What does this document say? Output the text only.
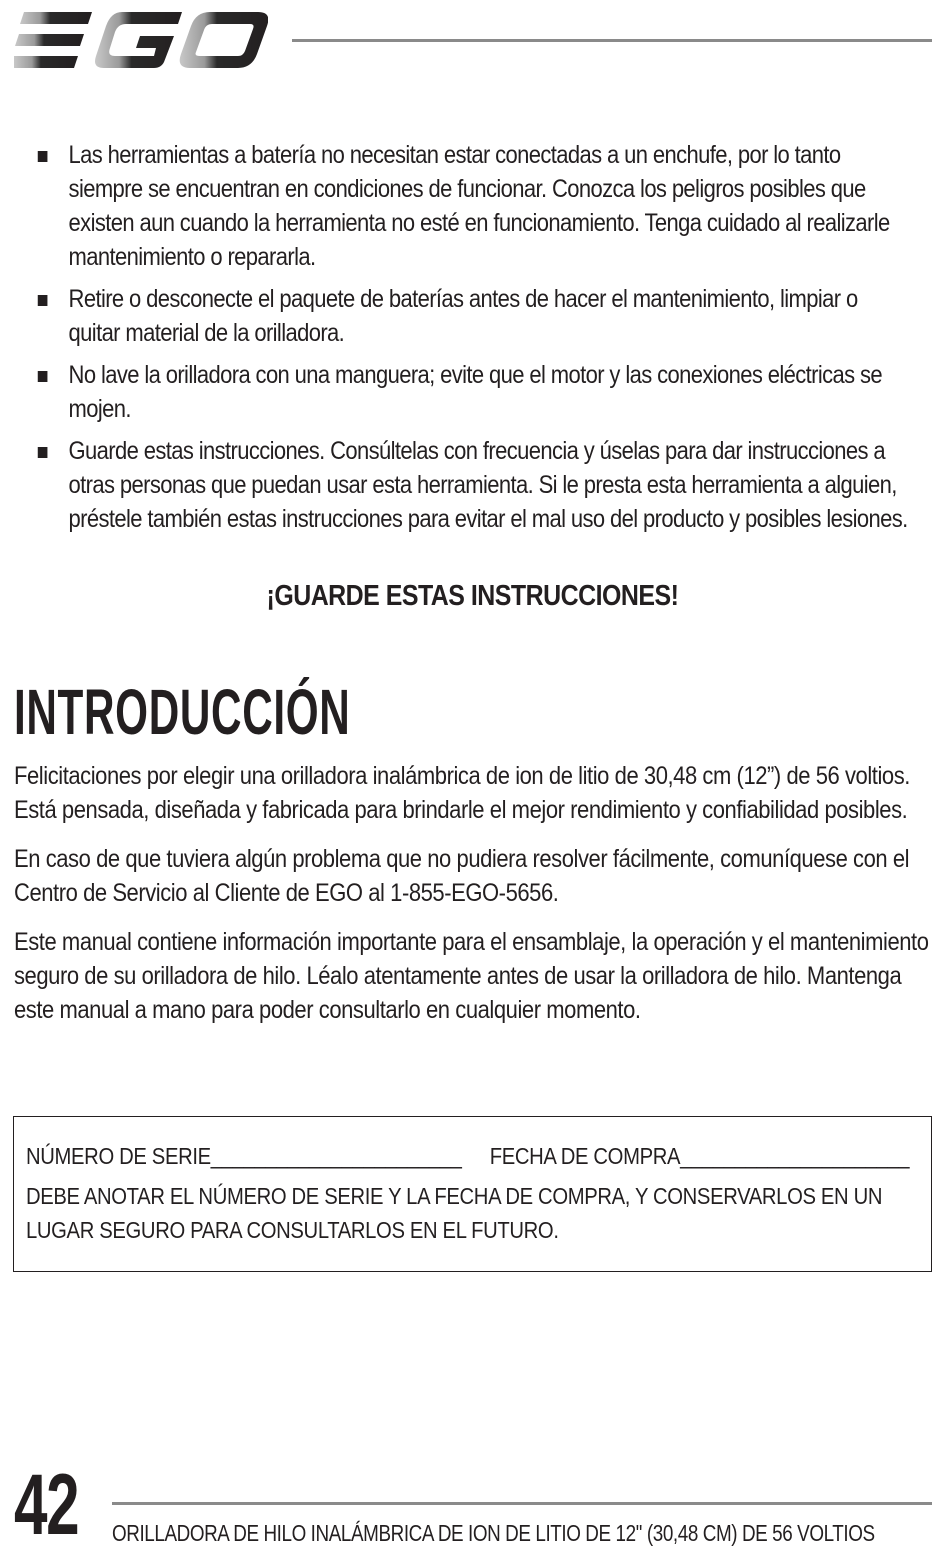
Las herramientas a batería no necesitan estar conectadas a un enchufe, por lo tanto siempre se encuentran en condiciones de funcionar. Conozca los peligros posibles que existen aun cuando la herramienta no esté en funcionamiento. Tenga cuidado al realizarle mantenimiento o repararla.
Retire o desconecte el paquete de baterías antes de hacer el mantenimiento, limpiar o quitar material de la orilladora.
No lave la orilladora con una manguera; evite que el motor y las conexiones eléctricas se mojen.
Guarde estas instrucciones. Consúltelas con frecuencia y úselas para dar instrucciones a otras personas que puedan usar esta herramienta. Si le presta esta herramienta a alguien, préstele también estas instrucciones para evitar el mal uso del producto y posibles lesiones.
¡GUARDE ESTAS INSTRUCCIONES!
INTRODUCCIÓN

Felicitaciones por elegir una orilladora inalámbrica de ion de litio de 30,48 cm (12”) de 56 voltios. Está pensada, diseñada y fabricada para brindarle el mejor rendimiento y confiabilidad posibles.

En caso de que tuviera algún problema que no pudiera resolver fácilmente, comuníquese con el Centro de Servicio al Cliente de EGO al 1-855-EGO-5656.

Este manual contiene información importante para el ensamblaje, la operación y el mantenimiento seguro de su orilladora de hilo. Léalo atentamente antes de usar la orilladora de hilo. Mantenga este manual a mano para poder consultarlo en cualquier momento.

NÚMERO DE SERIE_______________________ FECHA DE COMPRA_____________________
DEBE ANOTAR EL NÚMERO DE SERIE Y LA FECHA DE COMPRA, Y CONSERVARLOS EN UN LUGAR SEGURO PARA CONSULTARLOS EN EL FUTURO.
42 ORILLADORA DE HILO INALÁMBRICA DE ION DE LITIO DE 12'' (30,48 CM) DE 56 VOLTIOS
